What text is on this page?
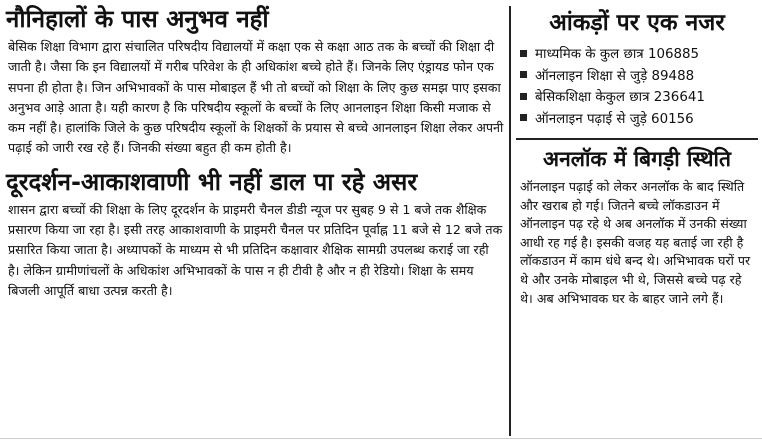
नौनिहालों के पास अनुभव नहीं

बेसिक शिक्षा विभाग द्वारा संचालित परिषदीय विद्यालयों में कक्षा एक से कक्षा आठ तक के बच्चों की शिक्षा दी जाती है। जैसा कि इन विद्यालयों में गरीब परिवेश के ही अधिकांश बच्चे होते हैं। जिनके लिए एंड्रायड फोन एक सपना ही होता है। जिन अभिभावकों के पास मोबाइल हैं भी तो बच्चों को शिक्षा के लिए कुछ समझ पाए इसका अनुभव आड़े आता है। यही कारण है कि परिषदीय स्कूलों के बच्चों के लिए आनलाइन शिक्षा किसी मजाक से कम नहीं है। हालांकि जिले के कुछ परिषदीय स्कूलों के शिक्षकों के प्रयास से बच्चे आनलाइन शिक्षा लेकर अपनी पढ़ाई को जारी रख रहे हैं। जिनकी संख्या बहुत ही कम होती है।

दूरदर्शन-आकाशवाणी भी नहीं डाल पा रहे असर

शासन द्वारा बच्चों की शिक्षा के लिए दूरदर्शन के प्राइमरी चैनल डीडी न्यूज पर सुबह 9 से 1 बजे तक शैक्षिक प्रसारण किया जा रहा है। इसी तरह आकाशवाणी के प्राइमरी चैनल पर प्रतिदिन पूर्वाह्न 11 बजे से 12 बजे तक प्रसारित किया जाता है। अध्यापकों के माध्यम से भी प्रतिदिन कक्षावार शैक्षिक सामग्री उपलब्ध कराई जा रही है। लेकिन ग्रामीणांचलों के अधिकांश अभिभावकों के पास न ही टीवी है और न ही रेडियो। शिक्षा के समय बिजली आपूर्ति बाधा उत्पन्न करती है।

आंकड़ों पर एक नजर
माध्यमिक के कुल छात्र 106885
ऑनलाइन शिक्षा से जुड़े 89488
बेसिकशिक्षा केकुल छात्र 236641
ऑनलाइन पढ़ाई से जुड़े 60156
अनलॉक में बिगड़ी स्थिति

ऑनलाइन पढ़ाई को लेकर अनलॉक के बाद स्थिति और खराब हो गई। जितने बच्चे लॉकडाउन में ऑनलाइन पढ़ रहे थे अब अनलॉक में उनकी संख्या आधी रह गई है। इसकी वजह यह बताई जा रही है लॉकडाउन में काम धंधे बन्द थे। अभिभावक घरों पर थे और उनके मोबाइल भी थे, जिससे बच्चे पढ़ रहे थे। अब अभिभावक घर के बाहर जाने लगे हैं।
